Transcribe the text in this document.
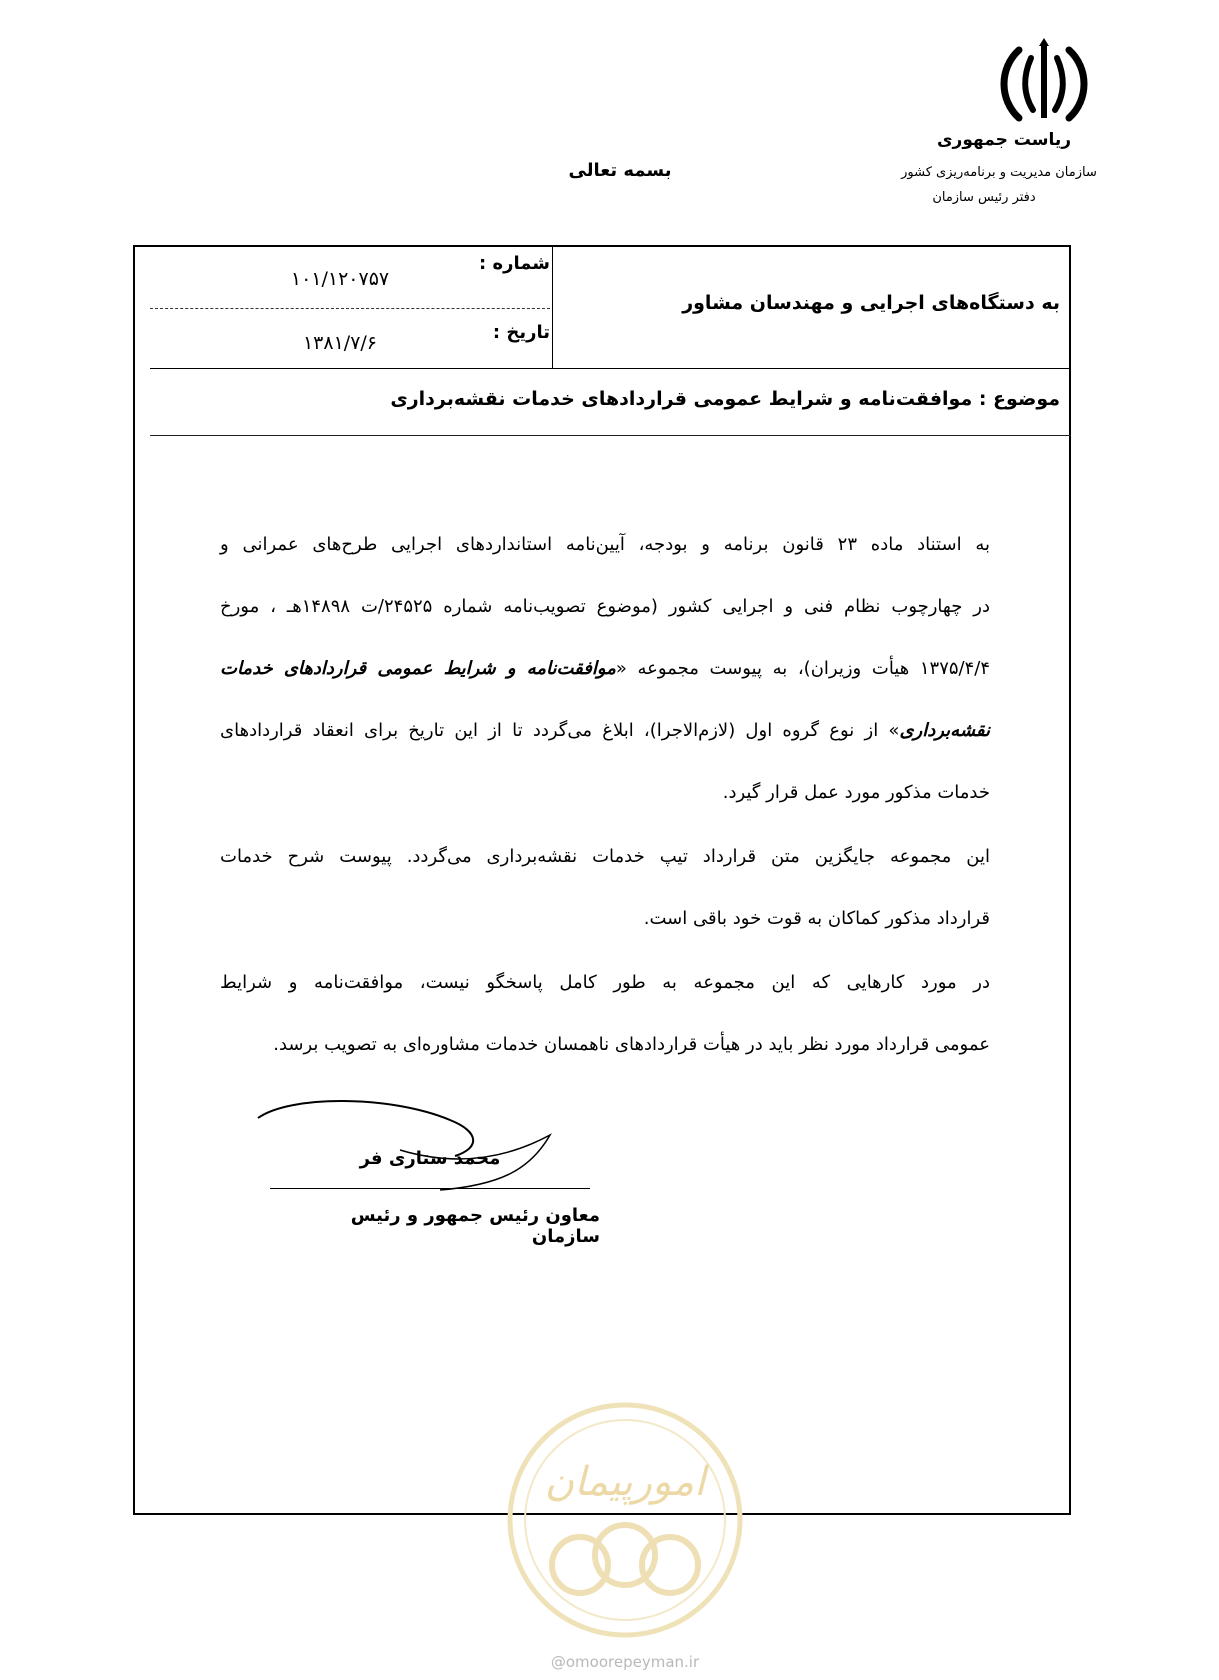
ریاست جمهوری
سازمان مدیریت و برنامه‌ریزی کشور
دفتر رئیس سازمان
بسمه تعالی
به دستگاه‌های اجرایی و مهندسان مشاور
شماره :
۱۰۱/۱۲۰۷۵۷
تاریخ :
۱۳۸۱/۷/۶
موضوع : موافقت‌نامه و شرایط عمومی قراردادهای خدمات نقشه‌برداری
به استناد ماده ۲۳ قانون برنامه و بودجه، آیین‌نامه استانداردهای اجرایی طرح‌های عمرانی و
در چهارچوب نظام فنی و اجرایی کشور (موضوع تصویب‌نامه شماره ۲۴۵۲۵/ت ۱۴۸۹۸هـ ، مورخ
۱۳۷۵/۴/۴ هیأت وزیران)، به پیوست مجموعه «موافقت‌نامه و شرایط عمومی قراردادهای خدمات
نقشه‌برداری» از نوع گروه اول (لازم‌الاجرا)، ابلاغ می‌گردد تا از این تاریخ برای انعقاد قراردادهای
خدمات مذکور مورد عمل قرار گیرد.
این مجموعه جایگزین متن قرارداد تیپ خدمات نقشه‌برداری می‌گردد. پیوست شرح خدمات
قرارداد مذکور کماکان به قوت خود باقی است.
در مورد کارهایی که این مجموعه به طور کامل پاسخگو نیست، موافقت‌نامه و شرایط
عمومی قرارداد مورد نظر باید در هیأت قراردادهای ناهمسان خدمات مشاوره‌ای به تصویب برسد.
محمد ستاری فر
معاون رئیس جمهور و رئیس سازمان
امورپیمان
@omoorepeyman.ir
